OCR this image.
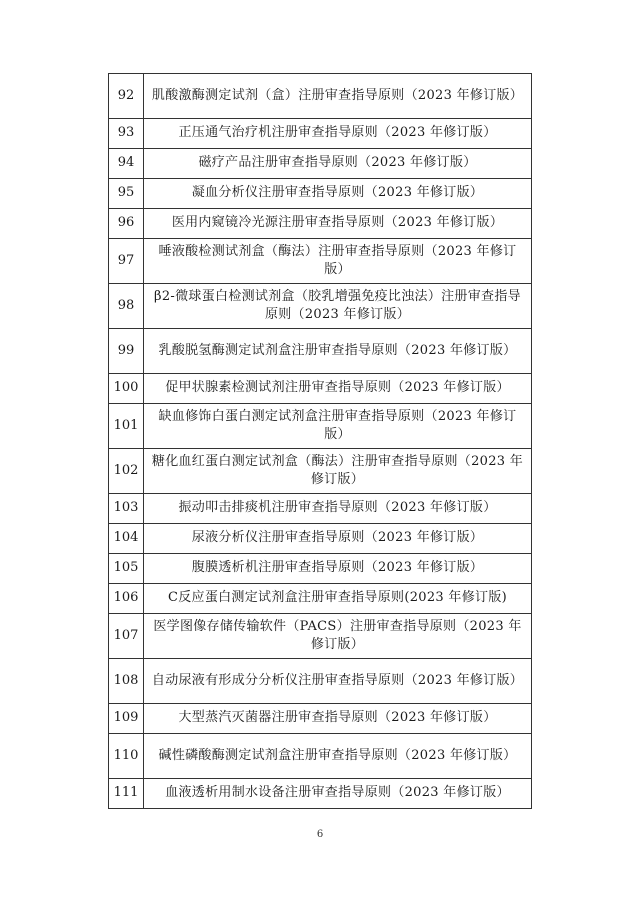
92	肌酸激酶测定试剂（盒）注册审查指导原则（2023 年修订版）
93	正压通气治疗机注册审查指导原则（2023 年修订版）
94	磁疗产品注册审查指导原则（2023 年修订版）
95	凝血分析仪注册审查指导原则（2023 年修订版）
96	医用内窥镜冷光源注册审查指导原则（2023 年修订版）
97	唾液酸检测试剂盒（酶法）注册审查指导原则（2023 年修订版）
98	β2-微球蛋白检测试剂盒（胶乳增强免疫比浊法）注册审查指导原则（2023 年修订版）
99	乳酸脱氢酶测定试剂盒注册审查指导原则（2023 年修订版）
100	促甲状腺素检测试剂注册审查指导原则（2023 年修订版）
101	缺血修饰白蛋白测定试剂盒注册审查指导原则（2023 年修订版）
102	糖化血红蛋白测定试剂盒（酶法）注册审查指导原则（2023 年修订版）
103	振动叩击排痰机注册审查指导原则（2023 年修订版）
104	尿液分析仪注册审查指导原则（2023 年修订版）
105	腹膜透析机注册审查指导原则（2023 年修订版）
106	C反应蛋白测定试剂盒注册审查指导原则(2023 年修订版)
107	医学图像存储传输软件（PACS）注册审查指导原则（2023 年修订版）
108	自动尿液有形成分分析仪注册审查指导原则（2023 年修订版）
109	大型蒸汽灭菌器注册审查指导原则（2023 年修订版）
110	碱性磷酸酶测定试剂盒注册审查指导原则（2023 年修订版）
111	血液透析用制水设备注册审查指导原则（2023 年修订版）
6
